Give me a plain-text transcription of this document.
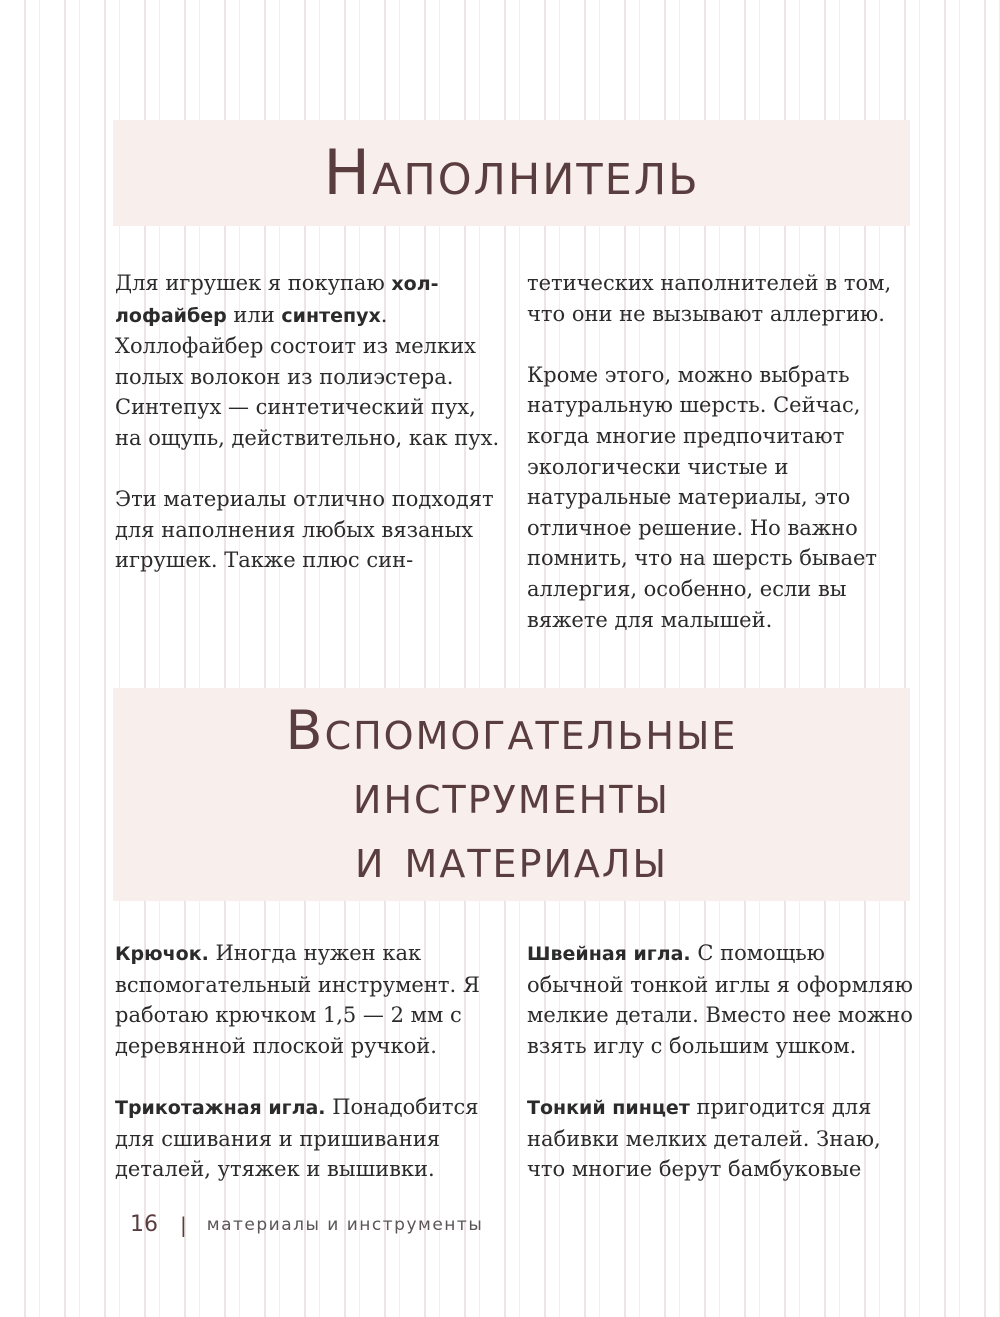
Наполнитель

Для игрушек я покупаю хол-лофайбер или синтепух. Холлофайбер состоит из мелких полых волокон из полиэстера. Синтепух — синтетический пух, на ощупь, действительно, как пух.

Эти материалы отлично подходят для наполнения любых вязаных игрушек. Также плюс син-

тетических наполнителей в том, что они не вызывают аллергию.

Кроме этого, можно выбрать натуральную шерсть. Сейчас, когда многие предпочитают экологически чистые и натуральные материалы, это отличное решение. Но важно помнить, что на шерсть бывает аллергия, особенно, если вы вяжете для малышей.

Вспомогательные
инструменты
и материалы

Крючок. Иногда нужен как вспомогательный инструмент. Я работаю крючком 1,5 — 2 мм с деревянной плоской ручкой.

Трикотажная игла. Понадобится для сшивания и пришивания деталей, утяжек и вышивки.

Швейная игла. С помощью обычной тонкой иглы я оформляю мелкие детали. Вместо нее можно взять иглу с большим ушком.

Тонкий пинцет пригодится для набивки мелких деталей. Знаю, что многие берут бамбуковые

16 | материалы и инструменты
